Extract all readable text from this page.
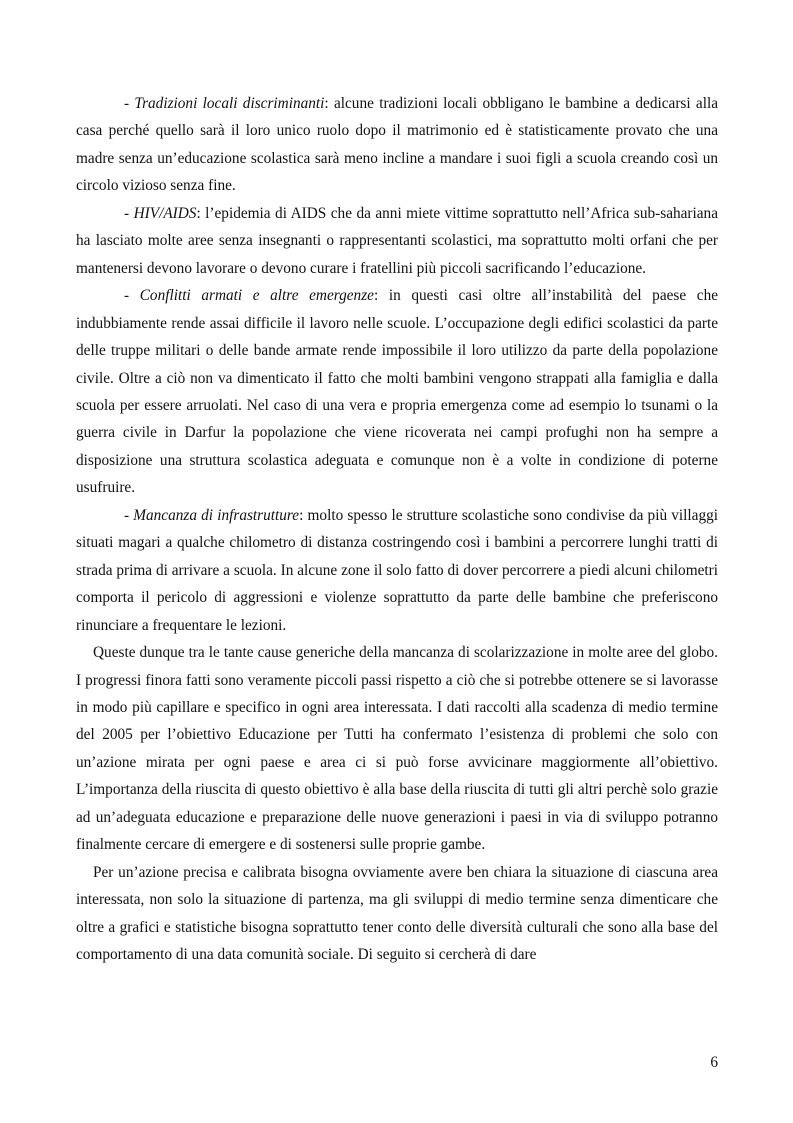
- Tradizioni locali discriminanti: alcune tradizioni locali obbligano le bambine a dedicarsi alla casa perché quello sarà il loro unico ruolo dopo il matrimonio ed è statisticamente provato che una madre senza un’educazione scolastica sarà meno incline a mandare i suoi figli a scuola creando così un circolo vizioso senza fine.

- HIV/AIDS: l’epidemia di AIDS che da anni miete vittime soprattutto nell’Africa sub-sahariana ha lasciato molte aree senza insegnanti o rappresentanti scolastici, ma soprattutto molti orfani che per mantenersi devono lavorare o devono curare i fratellini più piccoli sacrificando l’educazione.

- Conflitti armati e altre emergenze: in questi casi oltre all’instabilità del paese che indubbiamente rende assai difficile il lavoro nelle scuole. L’occupazione degli edifici scolastici da parte delle truppe militari o delle bande armate rende impossibile il loro utilizzo da parte della popolazione civile. Oltre a ciò non va dimenticato il fatto che molti bambini vengono strappati alla famiglia e dalla scuola per essere arruolati. Nel caso di una vera e propria emergenza come ad esempio lo tsunami o la guerra civile in Darfur la popolazione che viene ricoverata nei campi profughi non ha sempre a disposizione una struttura scolastica adeguata e comunque non è a volte in condizione di poterne usufruire.

- Mancanza di infrastrutture: molto spesso le strutture scolastiche sono condivise da più villaggi situati magari a qualche chilometro di distanza costringendo così i bambini a percorrere lunghi tratti di strada prima di arrivare a scuola. In alcune zone il solo fatto di dover percorrere a piedi alcuni chilometri comporta il pericolo di aggressioni e violenze soprattutto da parte delle bambine che preferiscono rinunciare a frequentare le lezioni.

Queste dunque tra le tante cause generiche della mancanza di scolarizzazione in molte aree del globo. I progressi finora fatti sono veramente piccoli passi rispetto a ciò che si potrebbe ottenere se si lavorasse in modo più capillare e specifico in ogni area interessata. I dati raccolti alla scadenza di medio termine del 2005 per l’obiettivo Educazione per Tutti ha confermato l’esistenza di problemi che solo con un’azione mirata per ogni paese e area ci si può forse avvicinare maggiormente all’obiettivo. L’importanza della riuscita di questo obiettivo è alla base della riuscita di tutti gli altri perchè solo grazie ad un’adeguata educazione e preparazione delle nuove generazioni i paesi in via di sviluppo potranno finalmente cercare di emergere e di sostenersi sulle proprie gambe.

Per un’azione precisa e calibrata bisogna ovviamente avere ben chiara la situazione di ciascuna area interessata, non solo la situazione di partenza, ma gli sviluppi di medio termine senza dimenticare che oltre a grafici e statistiche bisogna soprattutto tener conto delle diversità culturali che sono alla base del comportamento di una data comunità sociale. Di seguito si cercherà di dare

6
